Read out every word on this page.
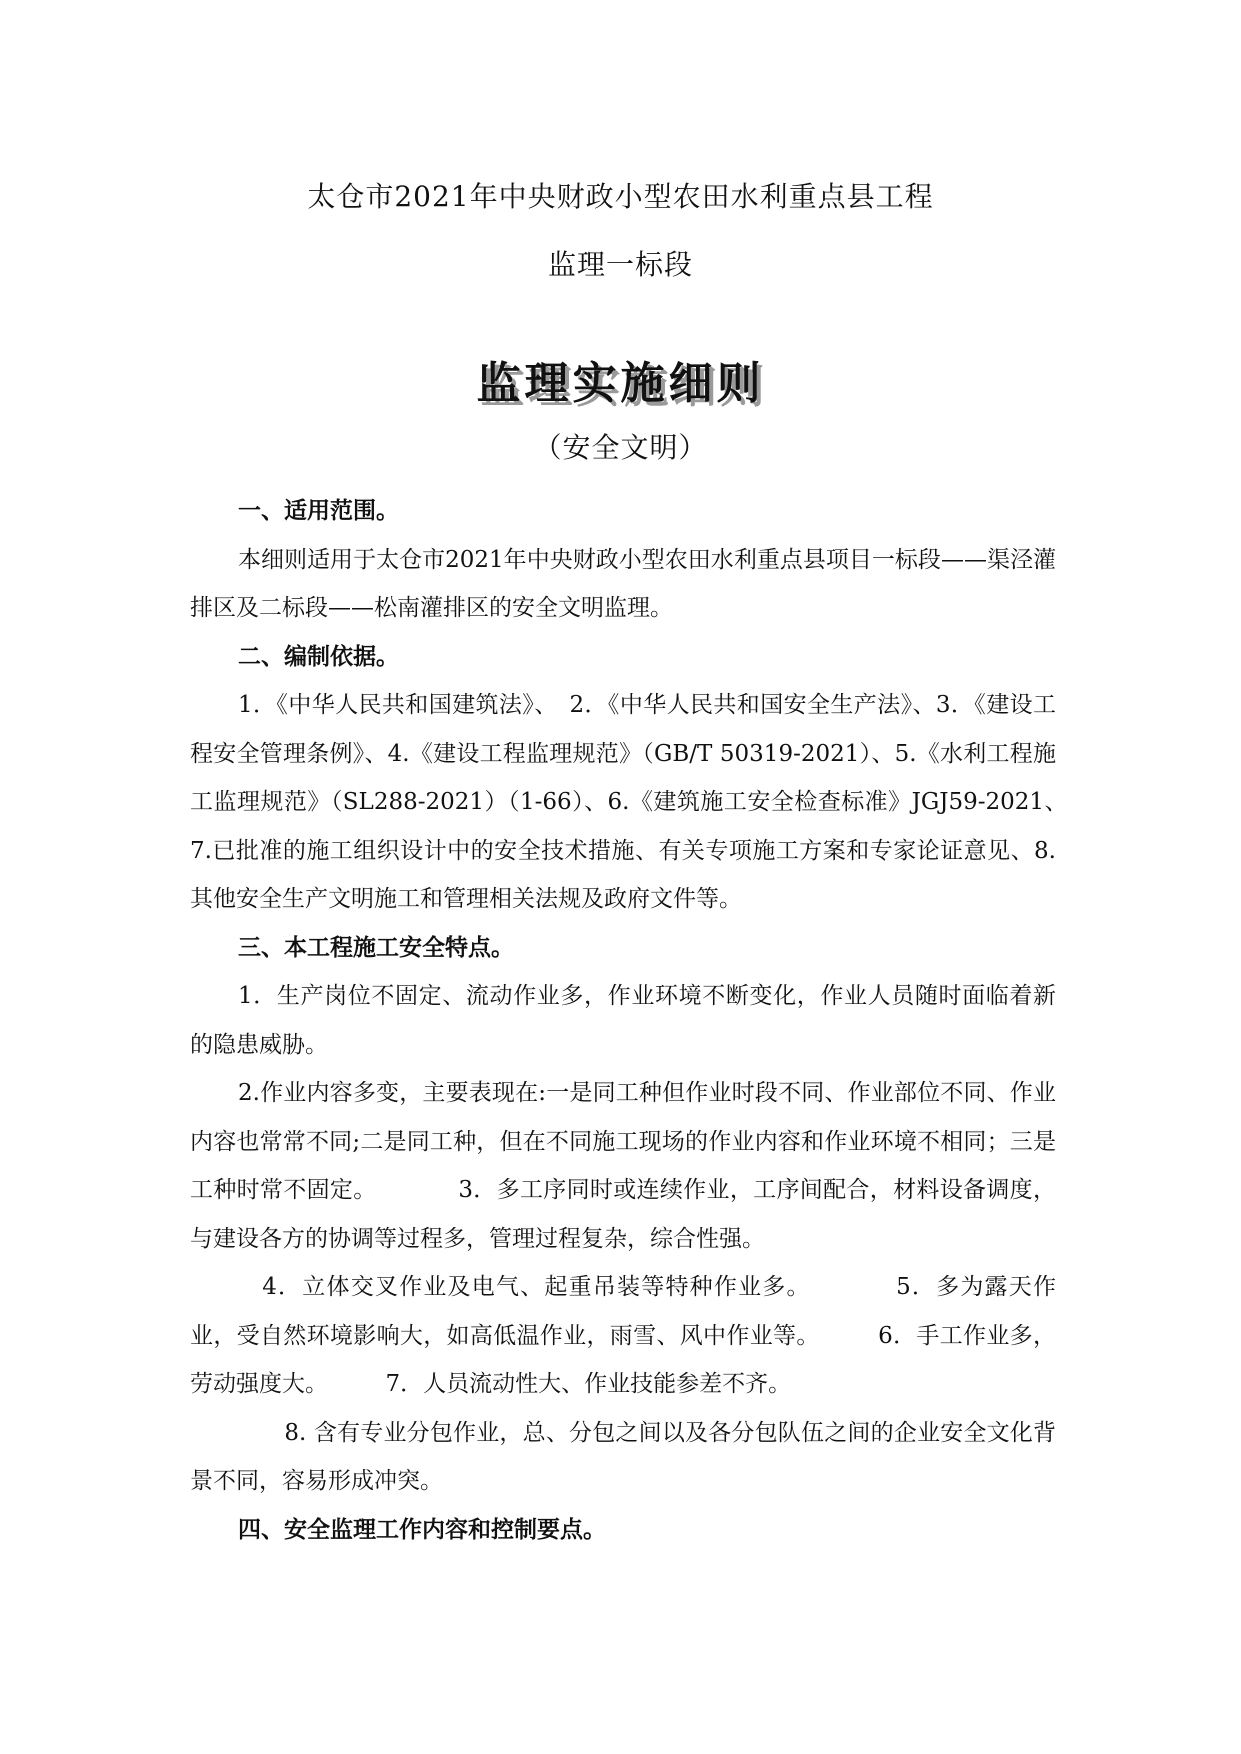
太仓市2021年中央财政小型农田水利重点县工程
监理一标段
监理实施细则
（安全文明）

一、适用范围。

本细则适用于太仓市2021年中央财政小型农田水利重点县项目一标段——渠泾灌排区及二标段——松南灌排区的安全文明监理。

二、编制依据。

1．《中华人民共和国建筑法》、　2．《中华人民共和国安全生产法》、3．《建设工程安全管理条例》、4.《建设工程监理规范》（GB/T 50319-2021）、5.《水利工程施工监理规范》（SL288-2021）（1-66）、6.《建筑施工安全检查标准》JGJ59-2021、　7.已批准的施工组织设计中的安全技术措施、有关专项施工方案和专家论证意见、8.其他安全生产文明施工和管理相关法规及政府文件等。

三、本工程施工安全特点。

1．生产岗位不固定、流动作业多，作业环境不断变化，作业人员随时面临着新的隐患威胁。

2.作业内容多变，主要表现在:一是同工种但作业时段不同、作业部位不同、作业内容也常常不同;二是同工种，但在不同施工现场的作业内容和作业环境不相同；三是工种时常不固定。　　　　3．多工序同时或连续作业，工序间配合，材料设备调度，与建设各方的协调等过程多，管理过程复杂，综合性强。

　4．立体交叉作业及电气、起重吊装等特种作业多。　　　　5．多为露天作业，受自然环境影响大，如高低温作业，雨雪、风中作业等。　　　6．手工作业多，劳动强度大。　　　7．人员流动性大、作业技能参差不齐。

　　8. 含有专业分包作业，总、分包之间以及各分包队伍之间的企业安全文化背景不同，容易形成冲突。

四、安全监理工作内容和控制要点。
